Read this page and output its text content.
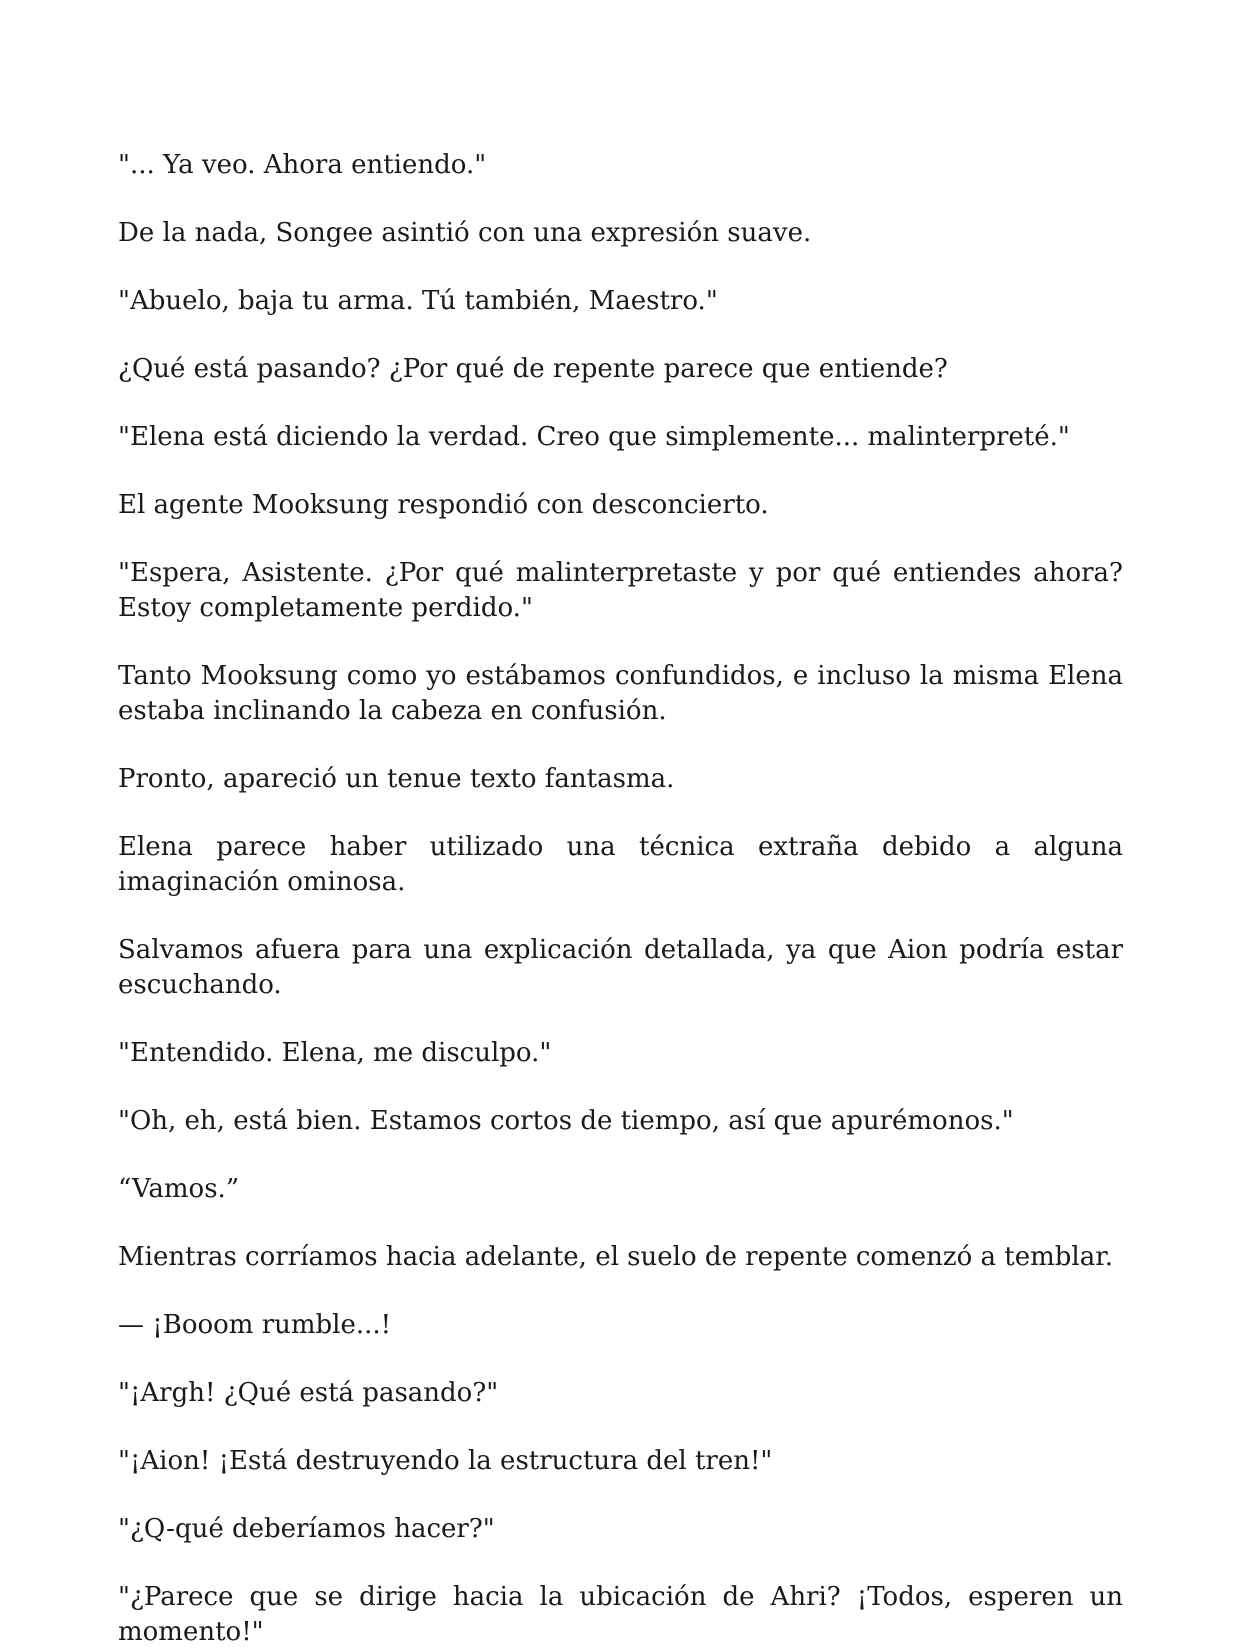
"... Ya veo. Ahora entiendo."

De la nada, Songee asintió con una expresión suave.

"Abuelo, baja tu arma. Tú también, Maestro."

¿Qué está pasando? ¿Por qué de repente parece que entiende?

"Elena está diciendo la verdad. Creo que simplemente... malinterpreté."

El agente Mooksung respondió con desconcierto.

"Espera, Asistente. ¿Por qué malinterpretaste y por qué entiendes ahora? Estoy completamente perdido."

Tanto Mooksung como yo estábamos confundidos, e incluso la misma Elena estaba inclinando la cabeza en confusión.

Pronto, apareció un tenue texto fantasma.

Elena parece haber utilizado una técnica extraña debido a alguna imaginación ominosa.

Salvamos afuera para una explicación detallada, ya que Aion podría estar escuchando.

"Entendido. Elena, me disculpo."

"Oh, eh, está bien. Estamos cortos de tiempo, así que apurémonos."

“Vamos.”

Mientras corríamos hacia adelante, el suelo de repente comenzó a temblar.

— ¡Booom rumble...!

"¡Argh! ¿Qué está pasando?"

"¡Aion! ¡Está destruyendo la estructura del tren!"

"¿Q-qué deberíamos hacer?"

"¿Parece que se dirige hacia la ubicación de Ahri? ¡Todos, esperen un momento!"
